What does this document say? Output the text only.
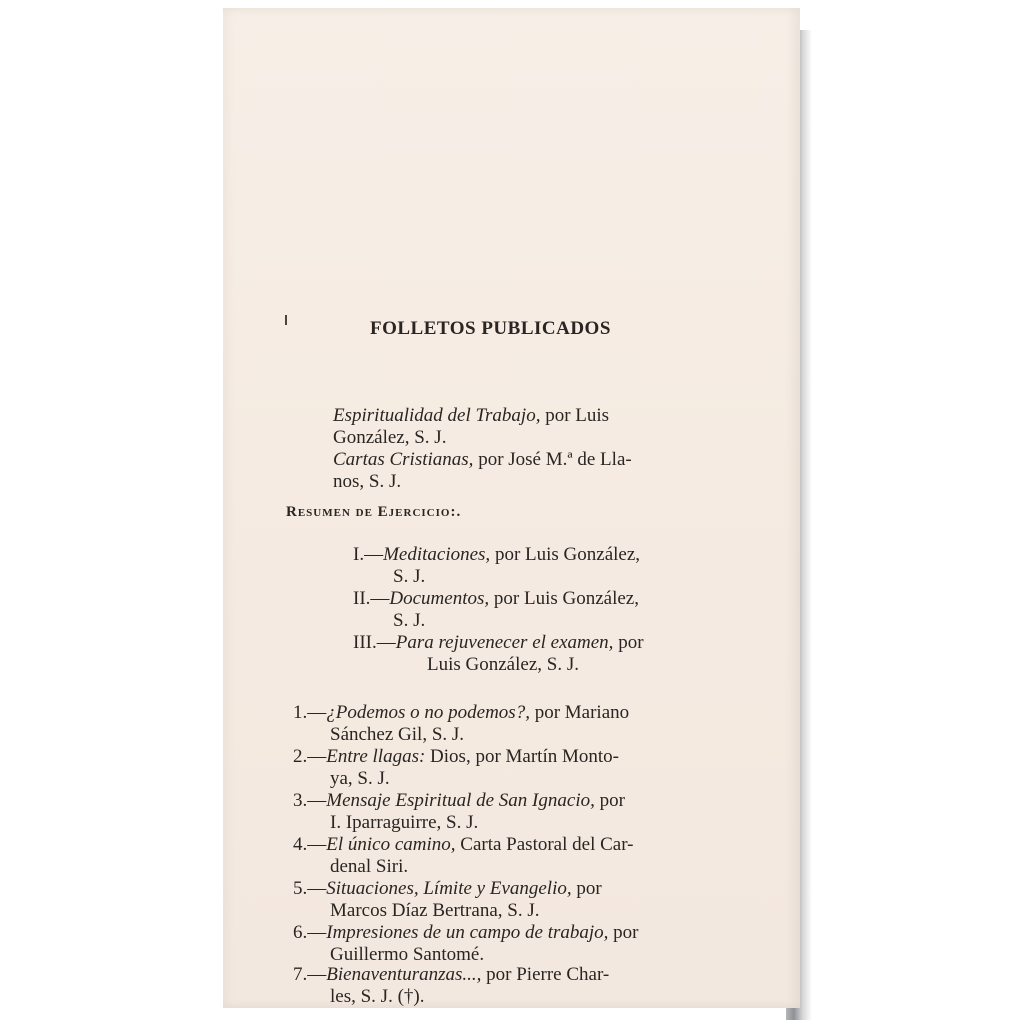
FOLLETOS PUBLICADOS
Espiritualidad del Trabajo, por Luis
González, S. J.
Cartas Cristianas, por José M.ª de Lla-
nos, S. J.
Resumen de Ejercicio:.
I.—Meditaciones, por Luis González,
S. J.
II.—Documentos, por Luis González,
S. J.
III.—Para rejuvenecer el examen, por
Luis González, S. J.
1.—¿Podemos o no podemos?, por Mariano
Sánchez Gil, S. J.
2.—Entre llagas: Dios, por Martín Monto-
ya, S. J.
3.—Mensaje Espiritual de San Ignacio, por
I. Iparraguirre, S. J.
4.—El único camino, Carta Pastoral del Car-
denal Siri.
5.—Situaciones, Límite y Evangelio, por
Marcos Díaz Bertrana, S. J.
6.—Impresiones de un campo de trabajo, por
Guillermo Santomé.
7.—Bienaventuranzas..., por Pierre Char-
les, S. J. (†).
